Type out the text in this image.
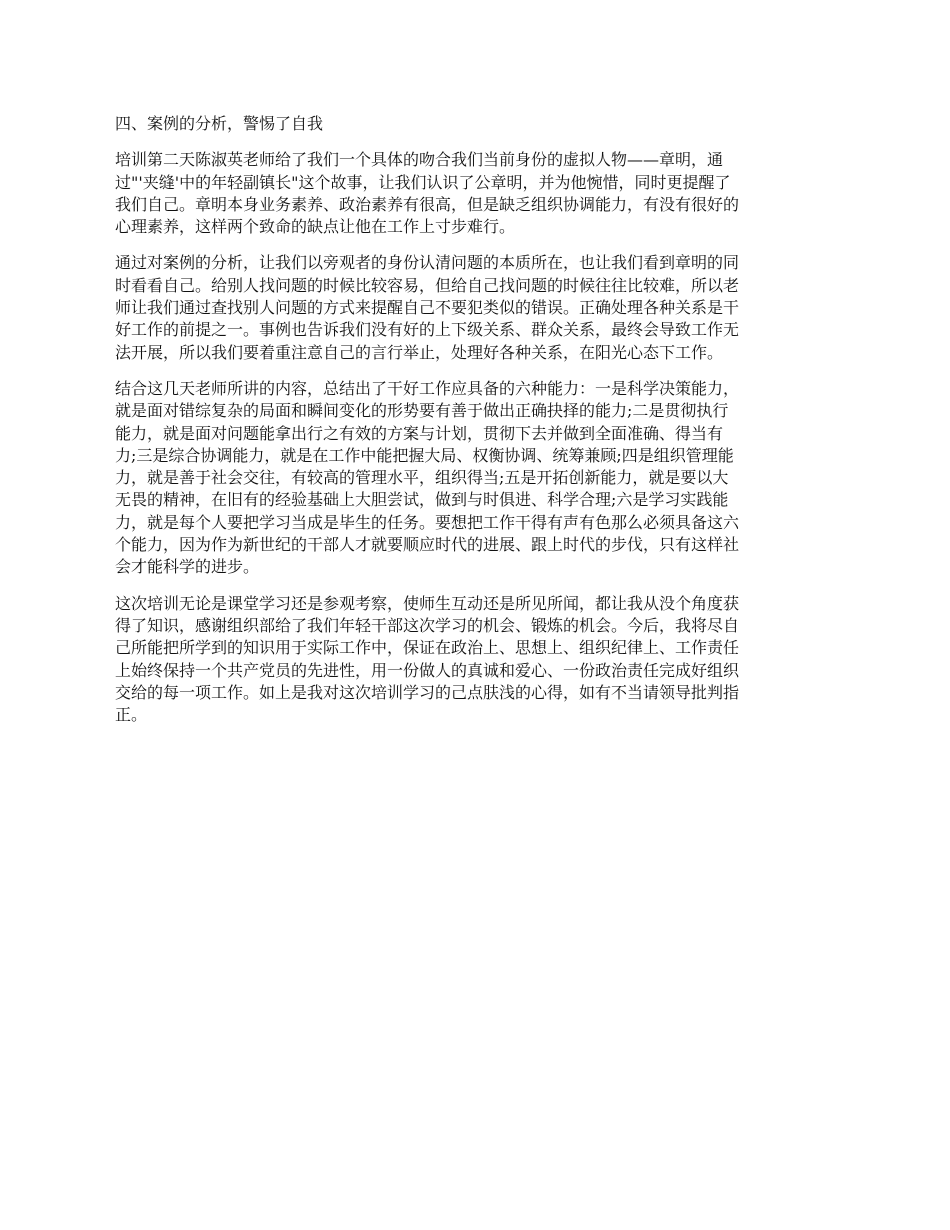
四、案例的分析，警惕了自我
培训第二天陈淑英老师给了我们一个具体的吻合我们当前身份的虚拟人物——章明，通
过"'夹缝'中的年轻副镇长"这个故事，让我们认识了公章明，并为他惋惜，同时更提醒了
我们自己。章明本身业务素养、政治素养有很高，但是缺乏组织协调能力，有没有很好的
心理素养，这样两个致命的缺点让他在工作上寸步难行。
通过对案例的分析，让我们以旁观者的身份认清问题的本质所在，也让我们看到章明的同
时看看自己。给别人找问题的时候比较容易，但给自己找问题的时候往往比较难，所以老
师让我们通过查找别人问题的方式来提醒自己不要犯类似的错误。正确处理各种关系是干
好工作的前提之一。事例也告诉我们没有好的上下级关系、群众关系，最终会导致工作无
法开展，所以我们要着重注意自己的言行举止，处理好各种关系，在阳光心态下工作。
结合这几天老师所讲的内容，总结出了干好工作应具备的六种能力：一是科学决策能力，
就是面对错综复杂的局面和瞬间变化的形势要有善于做出正确抉择的能力;二是贯彻执行
能力，就是面对问题能拿出行之有效的方案与计划，贯彻下去并做到全面准确、得当有
力;三是综合协调能力，就是在工作中能把握大局、权衡协调、统筹兼顾;四是组织管理能
力，就是善于社会交往，有较高的管理水平，组织得当;五是开拓创新能力，就是要以大
无畏的精神，在旧有的经验基础上大胆尝试，做到与时俱进、科学合理;六是学习实践能
力，就是每个人要把学习当成是毕生的任务。要想把工作干得有声有色那么必须具备这六
个能力，因为作为新世纪的干部人才就要顺应时代的进展、跟上时代的步伐，只有这样社
会才能科学的进步。
这次培训无论是课堂学习还是参观考察，使师生互动还是所见所闻，都让我从没个角度获
得了知识，感谢组织部给了我们年轻干部这次学习的机会、锻炼的机会。今后，我将尽自
己所能把所学到的知识用于实际工作中，保证在政治上、思想上、组织纪律上、工作责任
上始终保持一个共产党员的先进性，用一份做人的真诚和爱心、一份政治责任完成好组织
交给的每一项工作。如上是我对这次培训学习的己点肤浅的心得，如有不当请领导批判指
正。
